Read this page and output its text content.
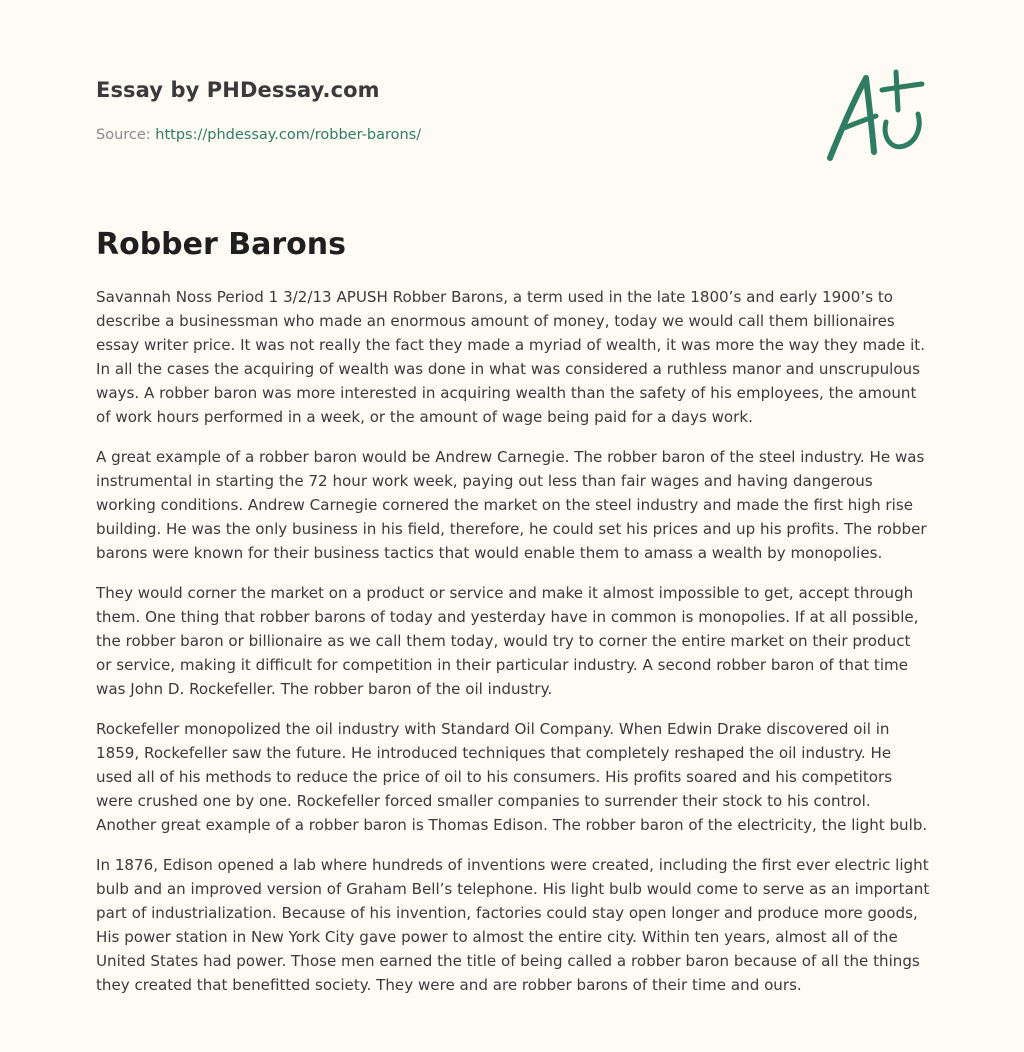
Essay by PHDessay.com
Source: https://phdessay.com/robber-barons/
Robber Barons

Savannah Noss Period 1 3/2/13 APUSH Robber Barons, a term used in the late 1800’s and early 1900’s to describe a businessman who made an enormous amount of money, today we would call them billionaires essay writer price. It was not really the fact they made a myriad of wealth, it was more the way they made it. In all the cases the acquiring of wealth was done in what was considered a ruthless manor and unscrupulous ways. A robber baron was more interested in acquiring wealth than the safety of his employees, the amount of work hours performed in a week, or the amount of wage being paid for a days work.

A great example of a robber baron would be Andrew Carnegie. The robber baron of the steel industry. He was instrumental in starting the 72 hour work week, paying out less than fair wages and having dangerous working conditions. Andrew Carnegie cornered the market on the steel industry and made the first high rise building. He was the only business in his field, therefore, he could set his prices and up his profits. The robber barons were known for their business tactics that would enable them to amass a wealth by monopolies.

They would corner the market on a product or service and make it almost impossible to get, accept through them. One thing that robber barons of today and yesterday have in common is monopolies. If at all possible, the robber baron or billionaire as we call them today, would try to corner the entire market on their product or service, making it difficult for competition in their particular industry. A second robber baron of that time was John D. Rockefeller. The robber baron of the oil industry.

Rockefeller monopolized the oil industry with Standard Oil Company. When Edwin Drake discovered oil in 1859, Rockefeller saw the future. He introduced techniques that completely reshaped the oil industry. He used all of his methods to reduce the price of oil to his consumers. His profits soared and his competitors were crushed one by one. Rockefeller forced smaller companies to surrender their stock to his control. Another great example of a robber baron is Thomas Edison. The robber baron of the electricity, the light bulb.

In 1876, Edison opened a lab where hundreds of inventions were created, including the first ever electric light bulb and an improved version of Graham Bell’s telephone. His light bulb would come to serve as an important part of industrialization. Because of his invention, factories could stay open longer and produce more goods, His power station in New York City gave power to almost the entire city. Within ten years, almost all of the United States had power. Those men earned the title of being called a robber baron because of all the things they created that benefitted society. They were and are robber barons of their time and ours.
